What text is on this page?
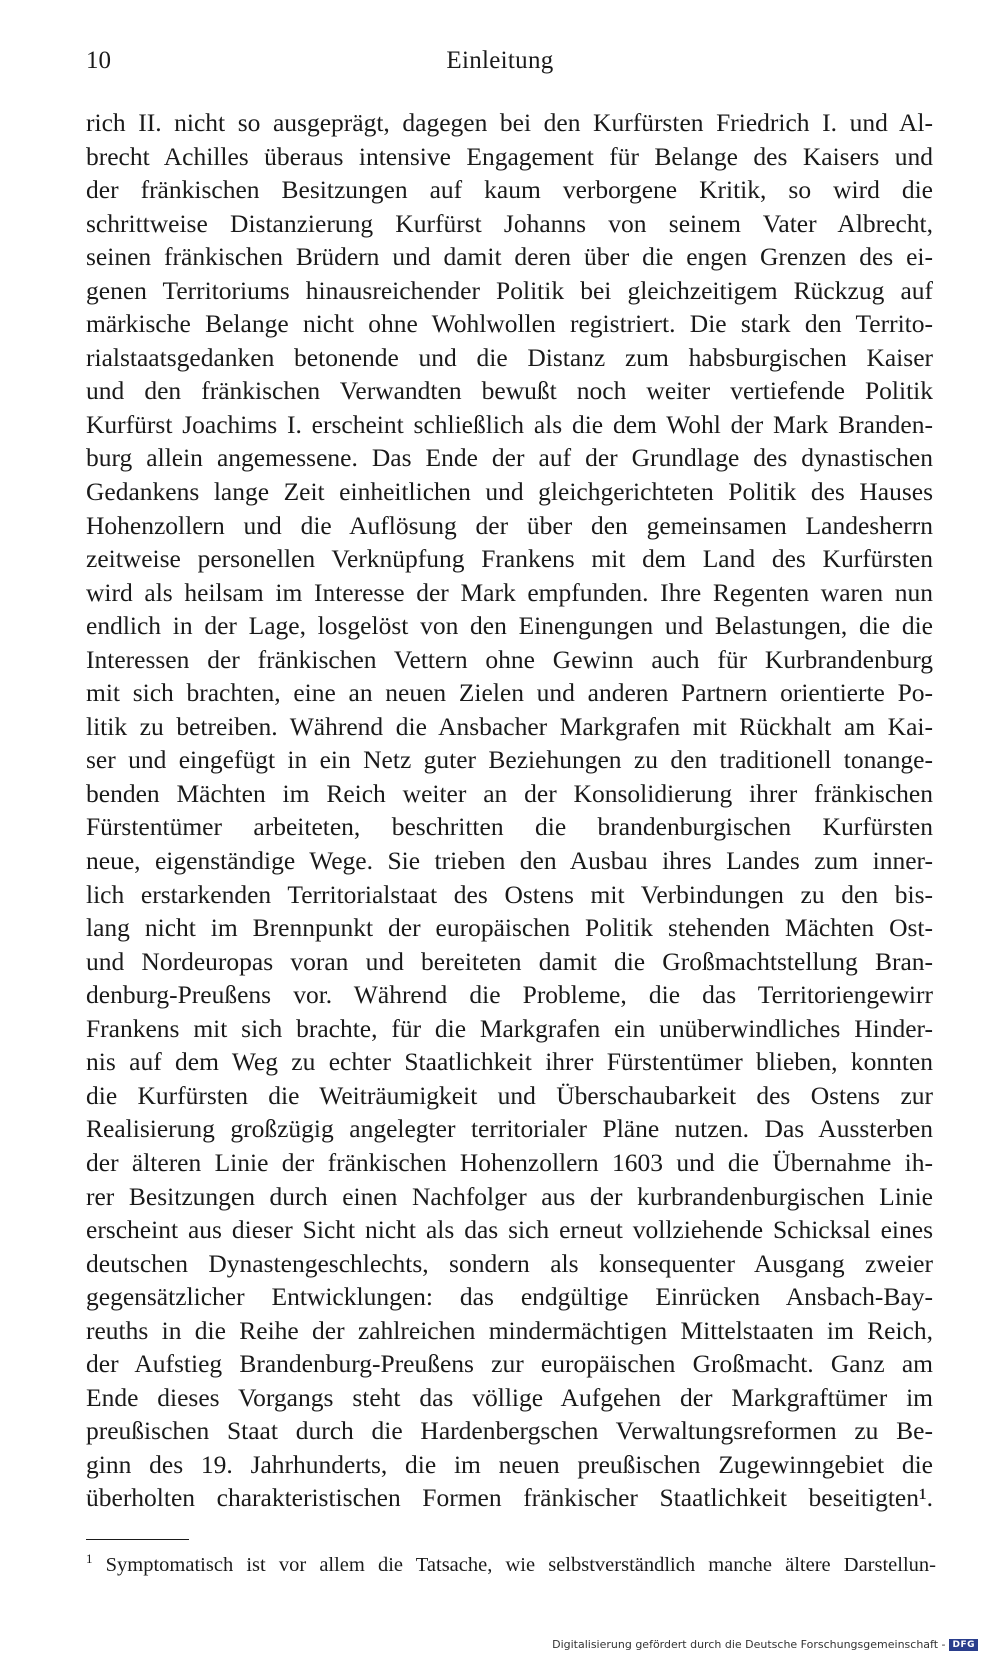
10	Einleitung
rich II. nicht so ausgeprägt, dagegen bei den Kurfürsten Friedrich I. und Al-
brecht Achilles überaus intensive Engagement für Belange des Kaisers und
der fränkischen Besitzungen auf kaum verborgene Kritik, so wird die
schrittweise Distanzierung Kurfürst Johanns von seinem Vater Albrecht,
seinen fränkischen Brüdern und damit deren über die engen Grenzen des ei-
genen Territoriums hinausreichender Politik bei gleichzeitigem Rückzug auf
märkische Belange nicht ohne Wohlwollen registriert. Die stark den Territo-
rialstaatsgedanken betonende und die Distanz zum habsburgischen Kaiser
und den fränkischen Verwandten bewußt noch weiter vertiefende Politik
Kurfürst Joachims I. erscheint schließlich als die dem Wohl der Mark Branden-
burg allein angemessene. Das Ende der auf der Grundlage des dynastischen
Gedankens lange Zeit einheitlichen und gleichgerichteten Politik des Hauses
Hohenzollern und die Auflösung der über den gemeinsamen Landesherrn
zeitweise personellen Verknüpfung Frankens mit dem Land des Kurfürsten
wird als heilsam im Interesse der Mark empfunden. Ihre Regenten waren nun
endlich in der Lage, losgelöst von den Einengungen und Belastungen, die die
Interessen der fränkischen Vettern ohne Gewinn auch für Kurbrandenburg
mit sich brachten, eine an neuen Zielen und anderen Partnern orientierte Po-
litik zu betreiben. Während die Ansbacher Markgrafen mit Rückhalt am Kai-
ser und eingefügt in ein Netz guter Beziehungen zu den traditionell tonange-
benden Mächten im Reich weiter an der Konsolidierung ihrer fränkischen
Fürstentümer arbeiteten, beschritten die brandenburgischen Kurfürsten
neue, eigenständige Wege. Sie trieben den Ausbau ihres Landes zum inner-
lich erstarkenden Territorialstaat des Ostens mit Verbindungen zu den bis-
lang nicht im Brennpunkt der europäischen Politik stehenden Mächten Ost-
und Nordeuropas voran und bereiteten damit die Großmachtstellung Bran-
denburg-Preußens vor. Während die Probleme, die das Territoriengewirr
Frankens mit sich brachte, für die Markgrafen ein unüberwindliches Hinder-
nis auf dem Weg zu echter Staatlichkeit ihrer Fürstentümer blieben, konnten
die Kurfürsten die Weiträumigkeit und Überschaubarkeit des Ostens zur
Realisierung großzügig angelegter territorialer Pläne nutzen. Das Aussterben
der älteren Linie der fränkischen Hohenzollern 1603 und die Übernahme ih-
rer Besitzungen durch einen Nachfolger aus der kurbrandenburgischen Linie
erscheint aus dieser Sicht nicht als das sich erneut vollziehende Schicksal eines
deutschen Dynastengeschlechts, sondern als konsequenter Ausgang zweier
gegensätzlicher Entwicklungen: das endgültige Einrücken Ansbach-Bay-
reuths in die Reihe der zahlreichen mindermächtigen Mittelstaaten im Reich,
der Aufstieg Brandenburg-Preußens zur europäischen Großmacht. Ganz am
Ende dieses Vorgangs steht das völlige Aufgehen der Markgraftümer im
preußischen Staat durch die Hardenbergschen Verwaltungsreformen zu Be-
ginn des 19. Jahrhunderts, die im neuen preußischen Zugewinngebiet die
überholten charakteristischen Formen fränkischer Staatlichkeit beseitigten¹.
$^1$ Symptomatisch ist vor allem die Tatsache, wie selbstverständlich manche ältere Darstellun-
Digitalisierung gefördert durch die Deutsche Forschungsgemeinschaft - DFG
